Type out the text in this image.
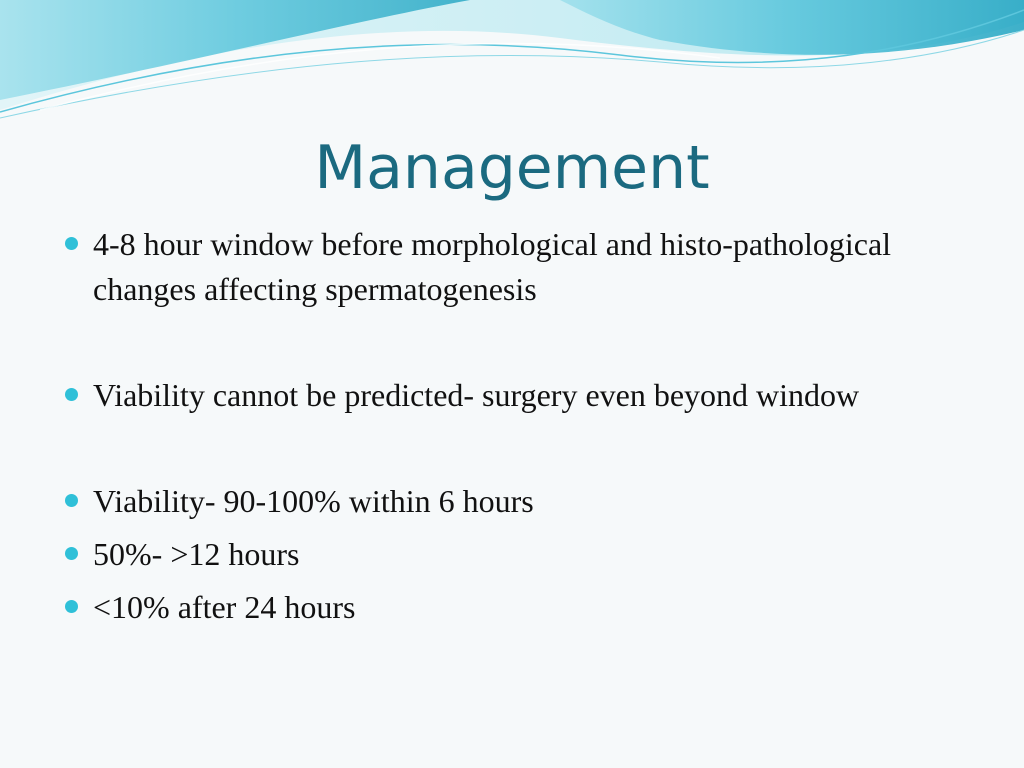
Management
4-8 hour window before morphological and histo-pathological changes affecting spermatogenesis
Viability cannot be predicted- surgery even beyond window
Viability- 90-100% within 6 hours
50%- >12 hours
<10% after 24 hours
